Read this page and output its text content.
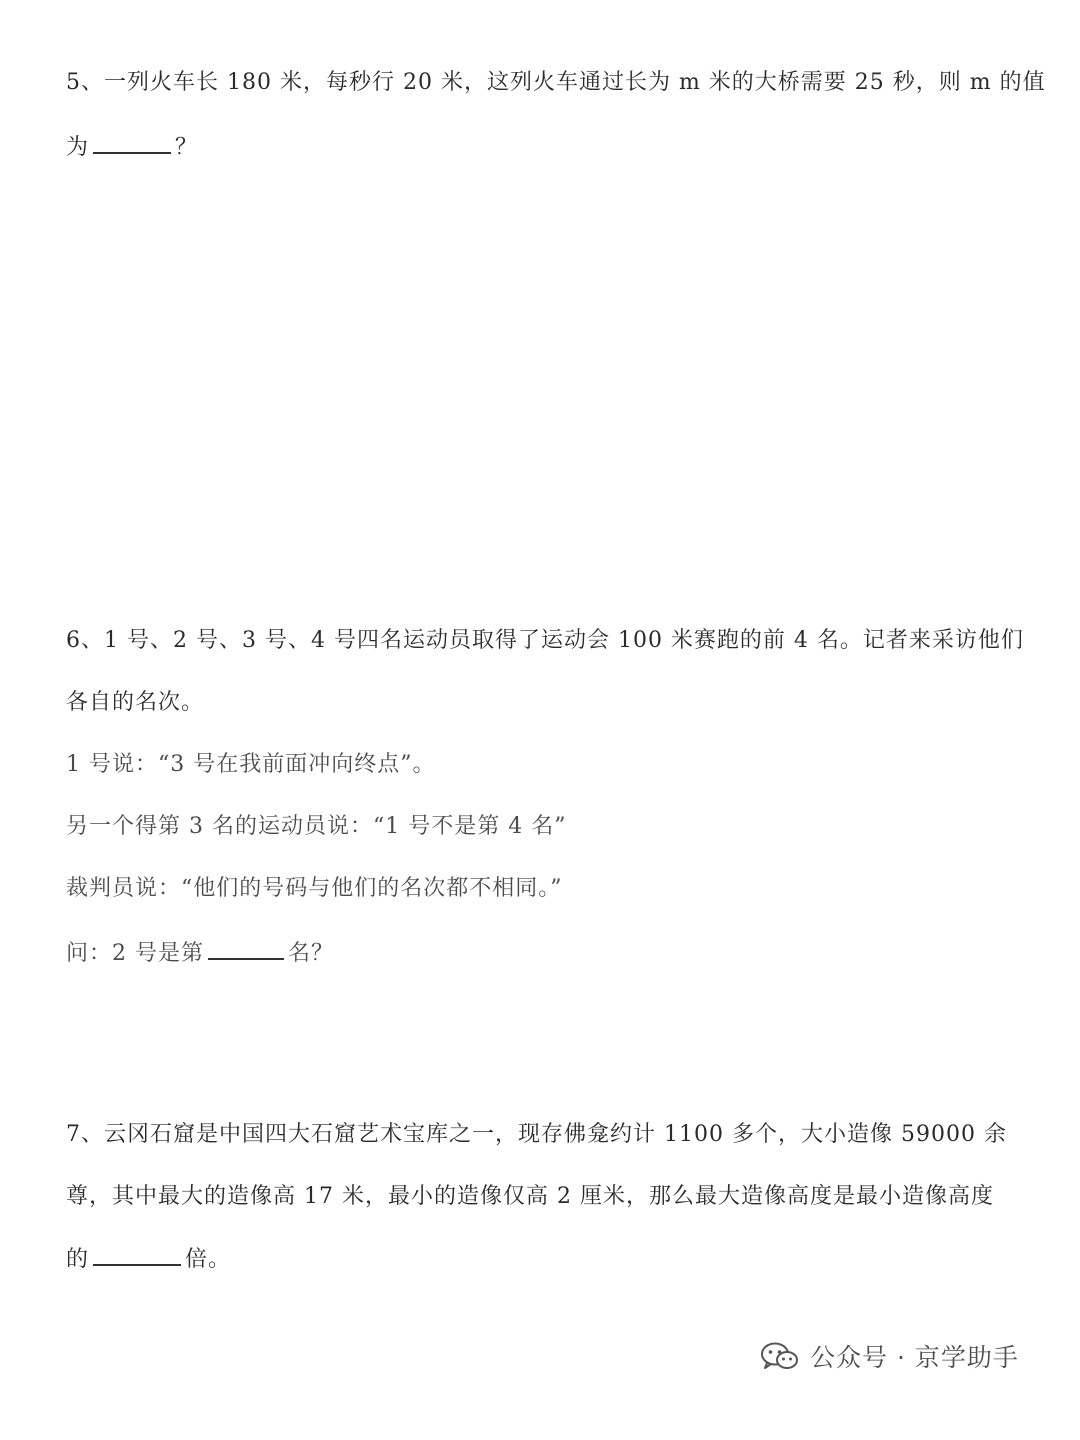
5、一列火车长 180 米，每秒行 20 米，这列火车通过长为 m 米的大桥需要 25 秒，则 m 的值
为	？
6、1 号、2 号、3 号、4 号四名运动员取得了运动会 100 米赛跑的前 4 名。记者来采访他们
各自的名次。
1 号说：“3 号在我前面冲向终点”。
另一个得第 3 名的运动员说：“1 号不是第 4 名”
裁判员说：“他们的号码与他们的名次都不相同。”
问：2 号是第	名？
7、云冈石窟是中国四大石窟艺术宝库之一，现存佛龛约计 1100 多个，大小造像 59000 余
尊，其中最大的造像高 17 米，最小的造像仅高 2 厘米，那么最大造像高度是最小造像高度
的	倍。
公众号 · 京学助手
